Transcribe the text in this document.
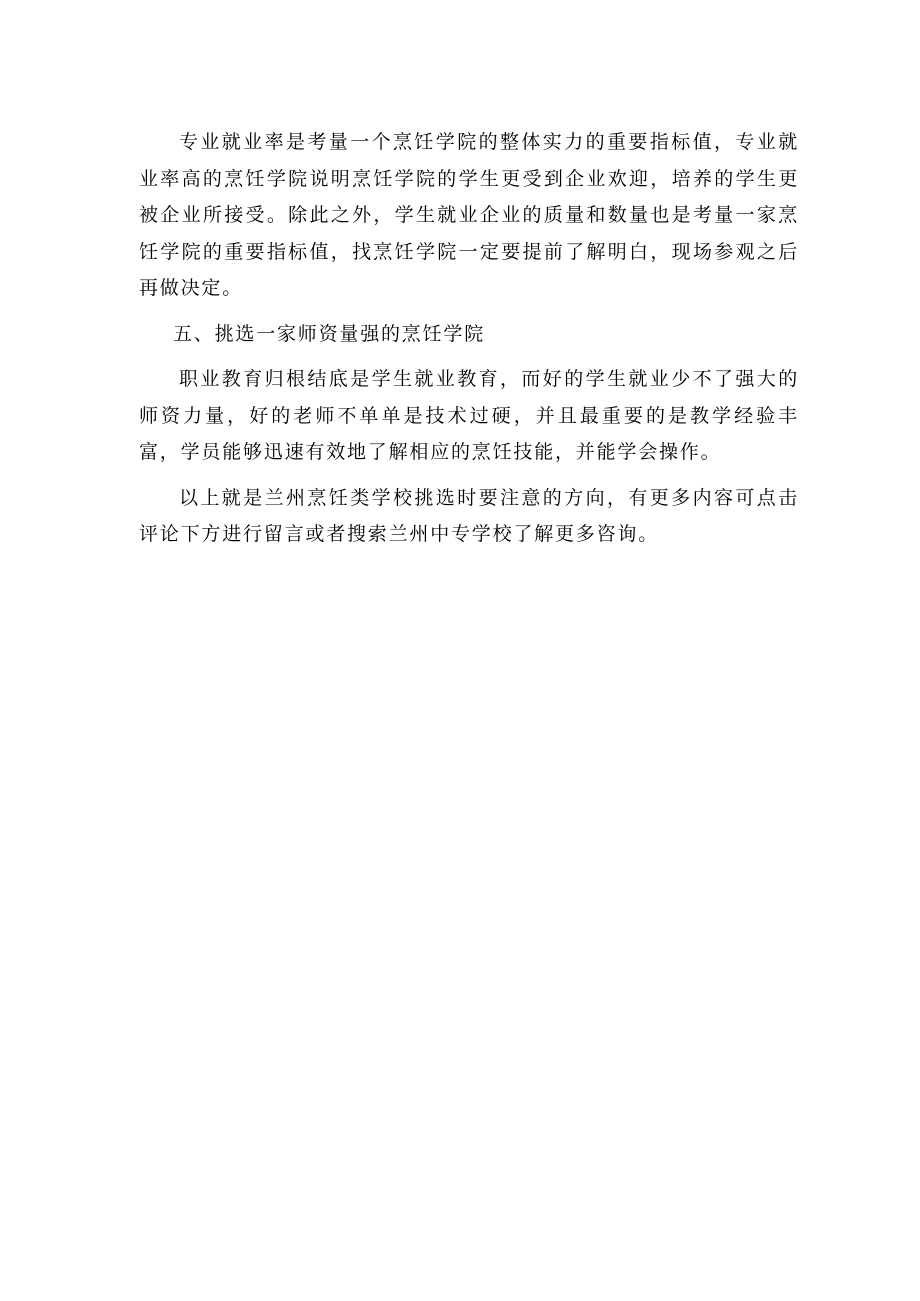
专业就业率是考量一个烹饪学院的整体实力的重要指标值，专业就业率高的烹饪学院说明烹饪学院的学生更受到企业欢迎，培养的学生更被企业所接受。除此之外，学生就业企业的质量和数量也是考量一家烹饪学院的重要指标值，找烹饪学院一定要提前了解明白，现场参观之后再做决定。

五、挑选一家师资量强的烹饪学院

职业教育归根结底是学生就业教育，而好的学生就业少不了强大的师资力量，好的老师不单单是技术过硬，并且最重要的是教学经验丰富，学员能够迅速有效地了解相应的烹饪技能，并能学会操作。

以上就是兰州烹饪类学校挑选时要注意的方向，有更多内容可点击评论下方进行留言或者搜索兰州中专学校了解更多咨询。
